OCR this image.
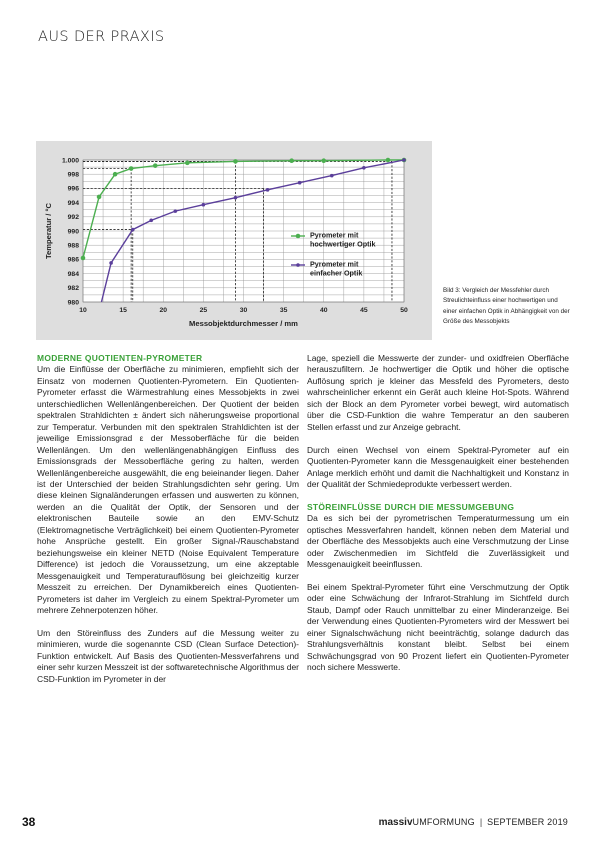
AUS DER PRAXIS
10	15	20	25	30	35	40	45	50
980
982
984
986
988
990
992
994
996
998
1.000
Messobjektdurchmesser / mm
Temperatur / °C	Pyrometer mit hochwertiger Optik
Pyrometer mit einfacher Optik
Bild 3: Vergleich der Messfehler durch Streulichteinfluss einer hochwertigen und einer einfachen Optik in Abhängigkeit von der Größe des Messobjekts
MODERNE QUOTIENTEN-PYROMETER

Um die Einflüsse der Oberfläche zu minimieren, empfiehlt sich der Einsatz von modernen Quotienten-Pyrometern. Ein Quotienten-Pyrometer erfasst die Wärmestrahlung eines Messobjekts in zwei unterschiedlichen Wellenlängenbereichen. Der Quotient der beiden spektralen Strahldichten ± ändert sich näherungsweise proportional zur Temperatur. Verbunden mit den spektralen Strahldichten ist der jeweilige Emissionsgrad ε der Messoberfläche für die beiden Wellenlängen. Um den wellenlängenabhängigen Einfluss des Emissionsgrads der Messoberfläche gering zu halten, werden Wellenlängenbereiche ausgewählt, die eng beieinander liegen. Daher ist der Unterschied der beiden Strahlungsdichten sehr gering. Um diese kleinen Signaländerungen erfassen und auswerten zu können, werden an die Qualität der Optik, der Sensoren und der elektronischen Bauteile sowie an den EMV-Schutz (Elektromagnetische Verträglichkeit) bei einem Quotienten-Pyrometer hohe Ansprüche gestellt. Ein großer Signal-/Rauschabstand beziehungsweise ein kleiner NETD (Noise Equivalent Temperature Difference) ist jedoch die Voraussetzung, um eine akzeptable Messgenauigkeit und Temperaturauflösung bei gleichzeitig kurzer Messzeit zu erreichen. Der Dynamikbereich eines Quotienten-Pyrometers ist daher im Vergleich zu einem Spektral-Pyrometer um mehrere Zehnerpotenzen höher.

Um den Störeinfluss des Zunders auf die Messung weiter zu minimieren, wurde die sogenannte CSD (Clean Surface Detection)-Funktion entwickelt. Auf Basis des Quotienten-Messverfahrens und einer sehr kurzen Messzeit ist der softwaretechnische Algorithmus der CSD-Funktion im Pyrometer in der

Lage, speziell die Messwerte der zunder- und oxidfreien Oberfläche herauszufiltern. Je hochwertiger die Optik und höher die optische Auflösung sprich je kleiner das Messfeld des Pyrometers, desto wahrscheinlicher erkennt ein Gerät auch kleine Hot-Spots. Während sich der Block an dem Pyrometer vorbei bewegt, wird automatisch über die CSD-Funktion die wahre Temperatur an den sauberen Stellen erfasst und zur Anzeige gebracht.

Durch einen Wechsel von einem Spektral-Pyrometer auf ein Quotienten-Pyrometer kann die Messgenauigkeit einer bestehenden Anlage merklich erhöht und damit die Nachhaltigkeit und Konstanz in der Qualität der Schmiedeprodukte verbessert werden.

STÖREINFLÜSSE DURCH DIE MESSUMGEBUNG

Da es sich bei der pyrometrischen Temperaturmessung um ein optisches Messverfahren handelt, können neben dem Material und der Oberfläche des Messobjekts auch eine Verschmutzung der Linse oder Zwischenmedien im Sichtfeld die Zuverlässigkeit und Messgenauigkeit beeinflussen.

Bei einem Spektral-Pyrometer führt eine Verschmutzung der Optik oder eine Schwächung der Infrarot-Strahlung im Sichtfeld durch Staub, Dampf oder Rauch unmittelbar zu einer Minderanzeige. Bei der Verwendung eines Quotienten-Pyrometers wird der Messwert bei einer Signalschwächung nicht beeinträchtig, solange dadurch das Strahlungsverhältnis konstant bleibt. Selbst bei einem Schwächungsgrad von 90 Prozent liefert ein Quotienten-Pyrometer noch sichere Messwerte.

38	massivUMFORMUNG | SEPTEMBER 2019
